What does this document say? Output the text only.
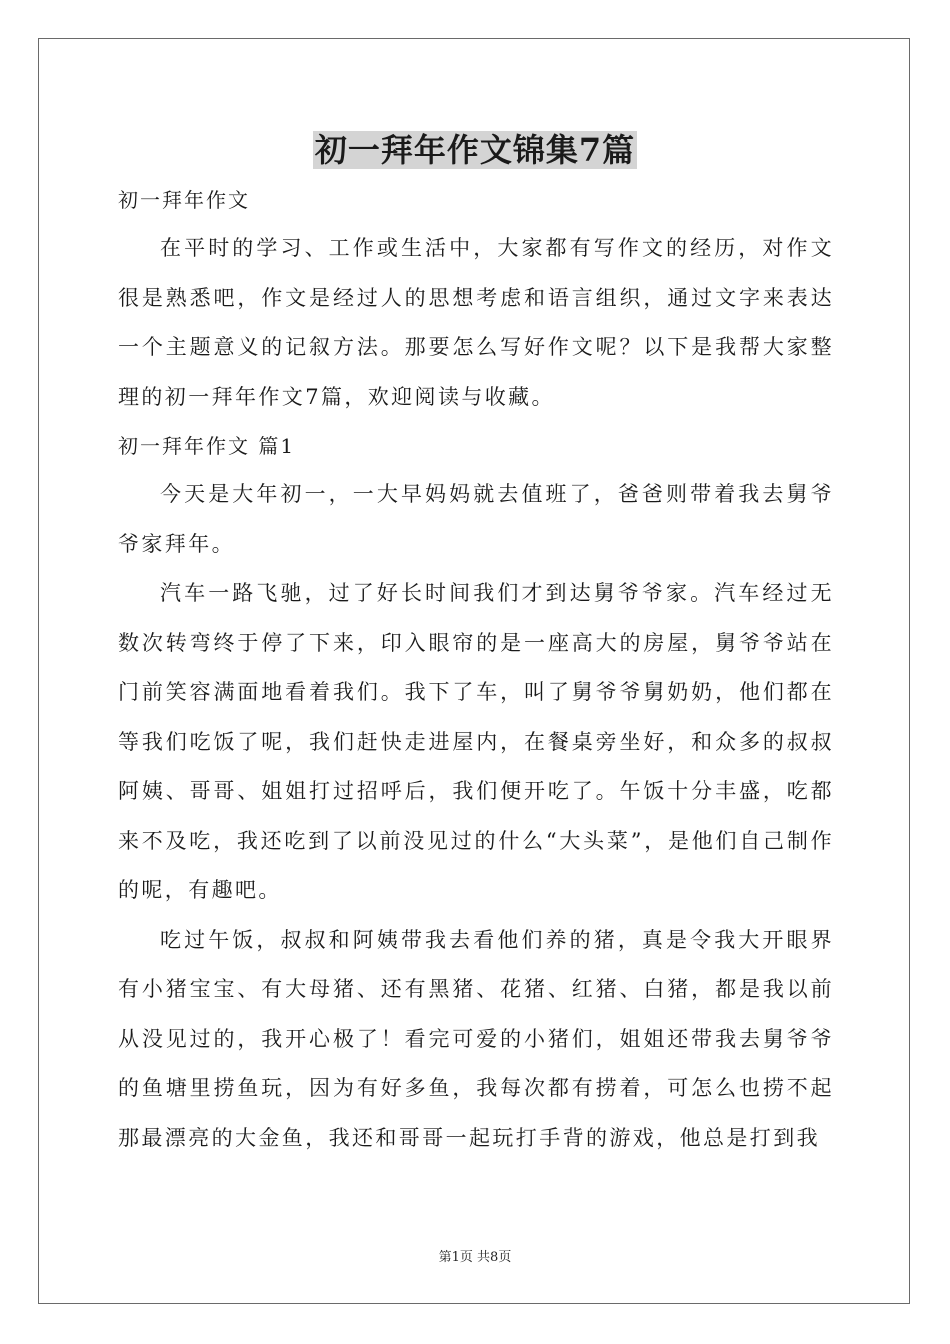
初一拜年作文锦集7篇

初一拜年作文

在平时的学习、工作或生活中，大家都有写作文的经历，对作文很是熟悉吧，作文是经过人的思想考虑和语言组织，通过文字来表达一个主题意义的记叙方法。那要怎么写好作文呢？以下是我帮大家整理的初一拜年作文7篇，欢迎阅读与收藏。

初一拜年作文 篇1

今天是大年初一，一大早妈妈就去值班了，爸爸则带着我去舅爷爷家拜年。

汽车一路飞驰，过了好长时间我们才到达舅爷爷家。汽车经过无数次转弯终于停了下来，印入眼帘的是一座高大的房屋，舅爷爷站在门前笑容满面地看着我们。我下了车，叫了舅爷爷舅奶奶，他们都在等我们吃饭了呢，我们赶快走进屋内，在餐桌旁坐好，和众多的叔叔阿姨、哥哥、姐姐打过招呼后，我们便开吃了。午饭十分丰盛，吃都来不及吃，我还吃到了以前没见过的什么“大头菜”，是他们自己制作的呢，有趣吧。

吃过午饭，叔叔和阿姨带我去看他们养的猪，真是令我大开眼界有小猪宝宝、有大母猪、还有黑猪、花猪、红猪、白猪，都是我以前从没见过的，我开心极了！看完可爱的小猪们，姐姐还带我去舅爷爷的鱼塘里捞鱼玩，因为有好多鱼，我每次都有捞着，可怎么也捞不起那最漂亮的大金鱼，我还和哥哥一起玩打手背的游戏，他总是打到我

第1页 共8页
